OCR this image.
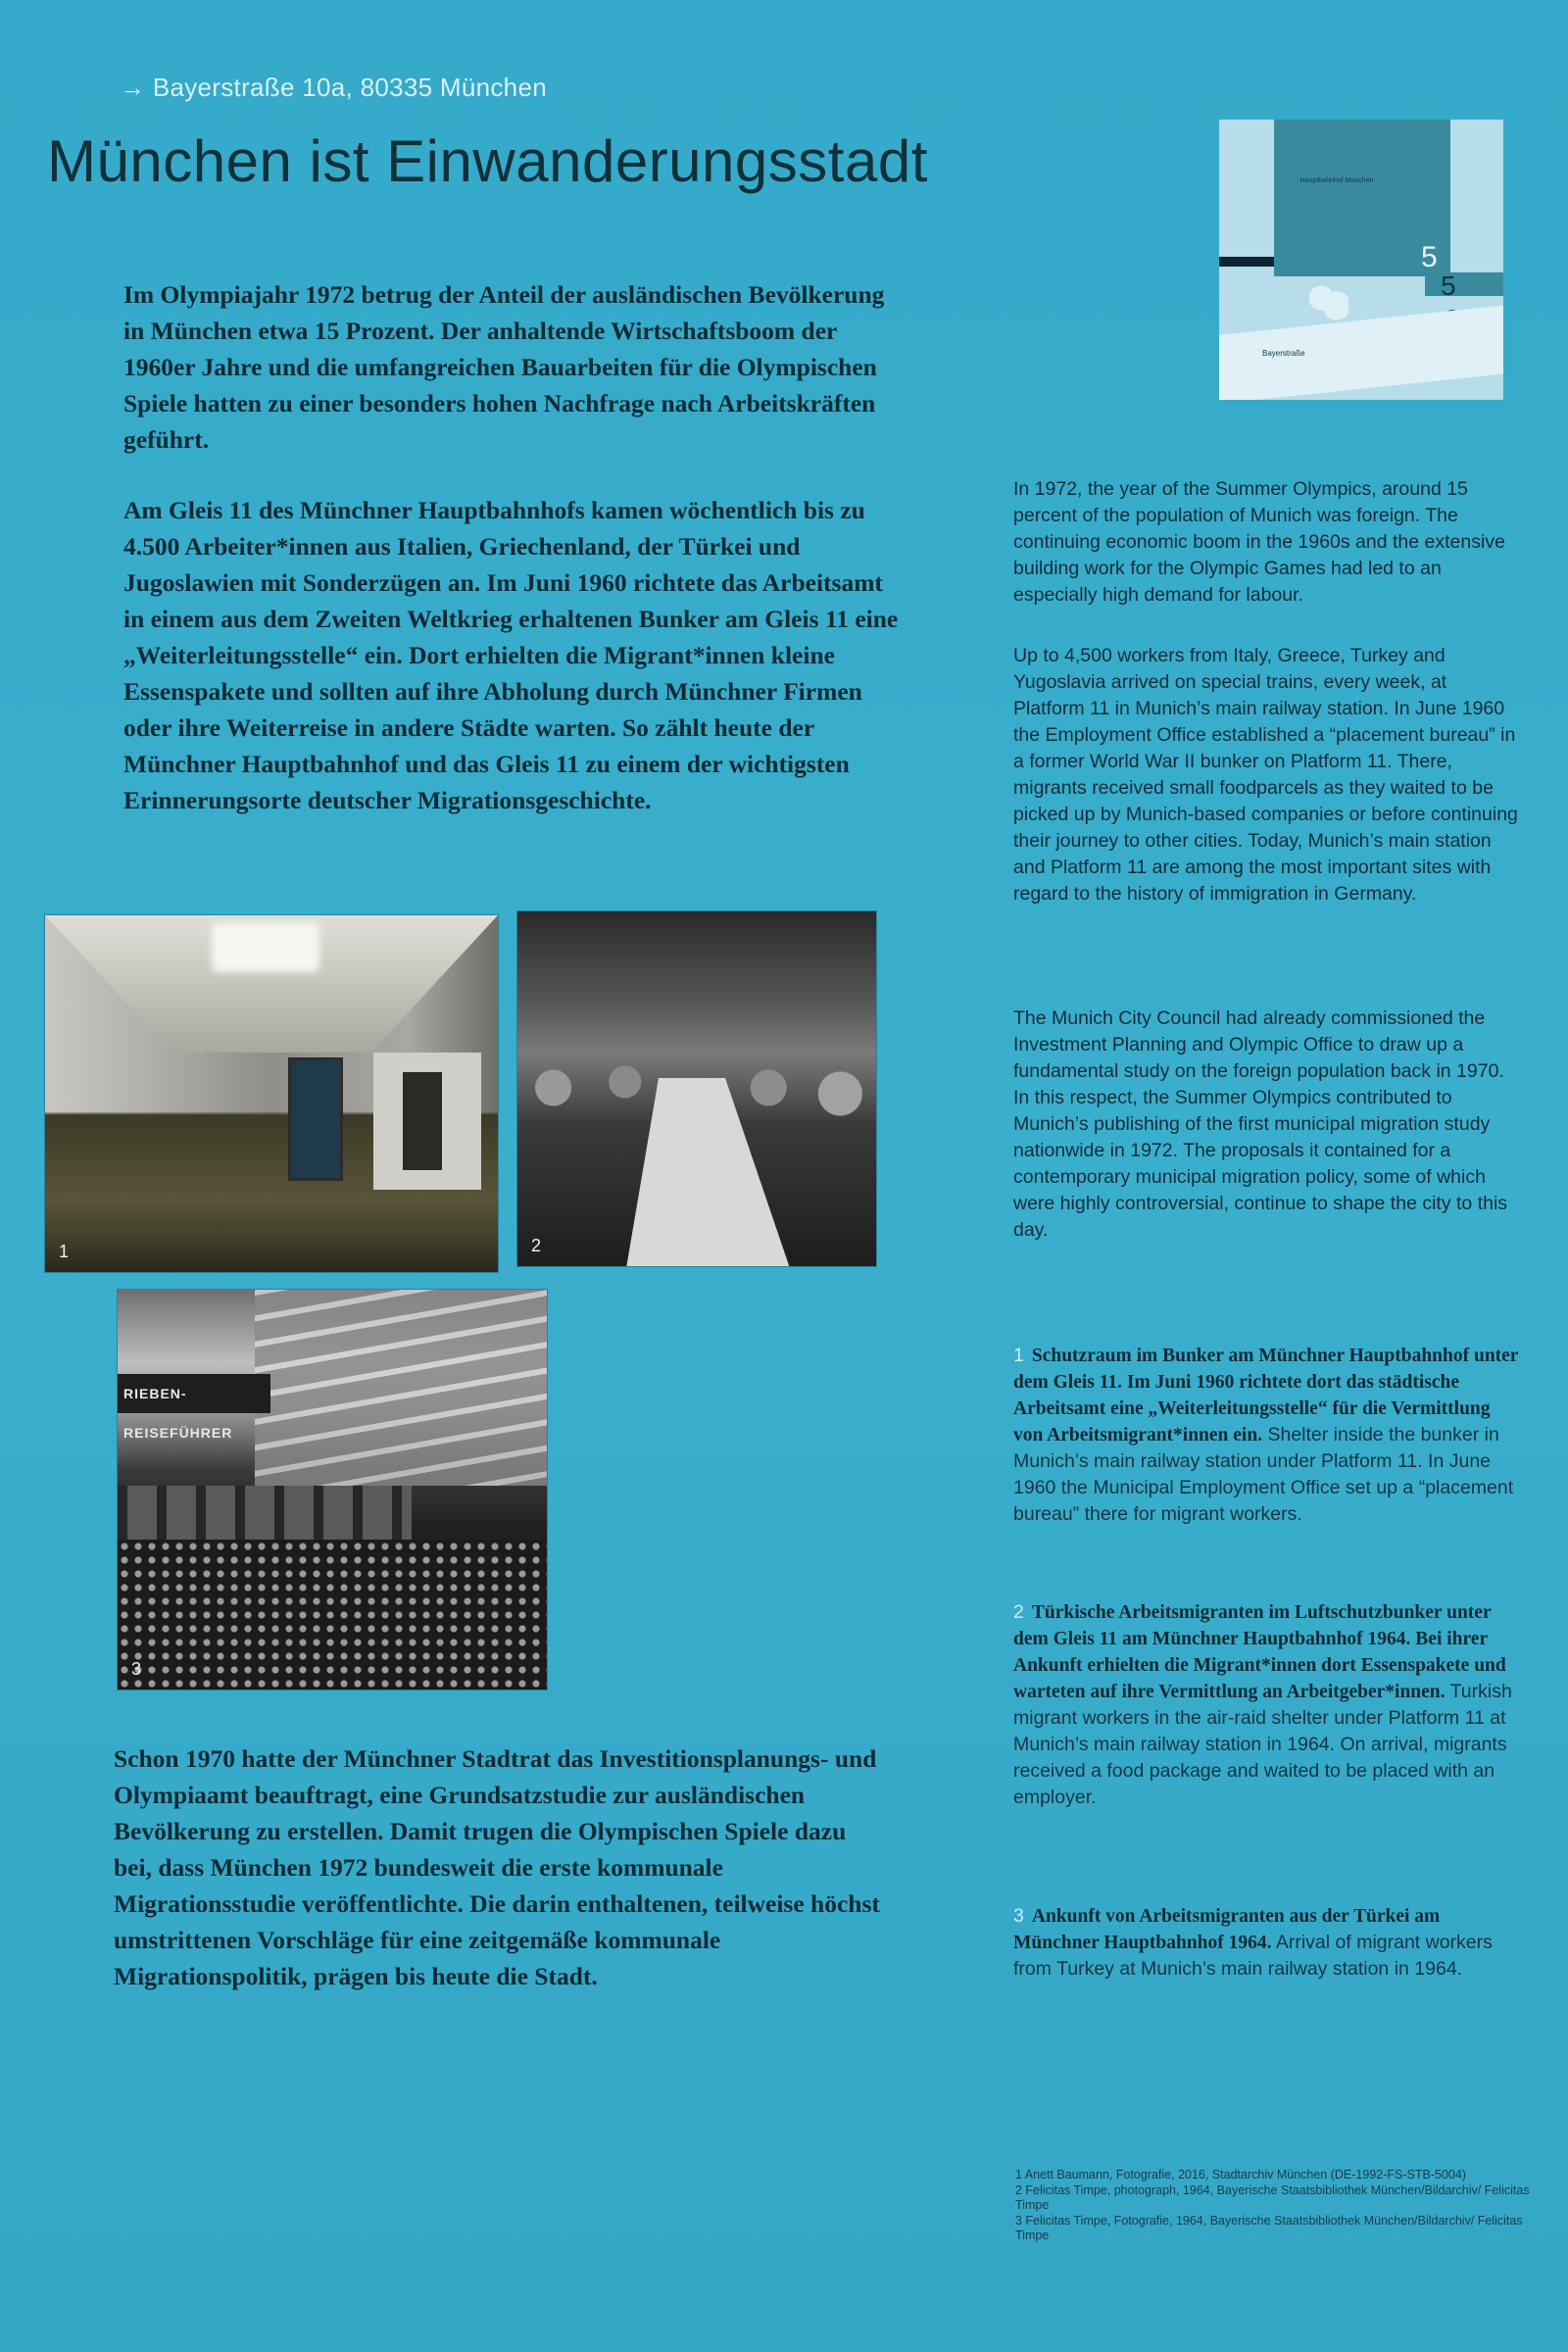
→ Bayerstraße 10a, 80335 München
München ist Einwanderungsstadt	Hauptbahnhof München
5
5
Bayerstraße

Im Olympiajahr 1972 betrug der Anteil der ausländischen Bevölkerung in München etwa 15 Prozent. Der anhaltende Wirtschaftsboom der 1960er Jahre und die umfangreichen Bauarbeiten für die Olympischen Spiele hatten zu einer besonders hohen Nachfrage nach Arbeitskräften geführt.

Am Gleis 11 des Münchner Hauptbahnhofs kamen wöchentlich bis zu 4.500 Arbeiter*innen aus Italien, Griechenland, der Türkei und Jugoslawien mit Sonderzügen an. Im Juni 1960 richtete das Arbeitsamt in einem aus dem Zweiten Weltkrieg erhaltenen Bunker am Gleis 11 eine „Weiterleitungsstelle“ ein. Dort erhielten die Migrant*innen kleine Essenspakete und sollten auf ihre Abholung durch Münchner Firmen oder ihre Weiterreise in andere Städte warten. So zählt heute der Münchner Hauptbahnhof und das Gleis 11 zu einem der wichtigsten Erinnerungsorte deutscher Migrationsgeschichte.

1	2
RIEBEN-REISEFÜHRER
3

Schon 1970 hatte der Münchner Stadtrat das Investitionsplanungs- und Olympiaamt beauftragt, eine Grundsatzstudie zur ausländischen Bevölkerung zu erstellen. Damit trugen die Olympischen Spiele dazu bei, dass München 1972 bundesweit die erste kommunale Migrationsstudie veröffentlichte. Die darin enthaltenen, teilweise höchst umstrittenen Vorschläge für eine zeitgemäße kommunale Migrationspolitik, prägen bis heute die Stadt.

In 1972, the year of the Summer Olympics, around 15 percent of the population of Munich was foreign. The continuing economic boom in the 1960s and the extensive building work for the Olympic Games had led to an especially high demand for labour.

Up to 4,500 workers from Italy, Greece, Turkey and Yugoslavia arrived on special trains, every week, at Platform 11 in Munich’s main railway station. In June 1960 the Employment Office established a “placement bureau” in a former World War II bunker on Platform 11. There, migrants received small foodparcels as they waited to be picked up by Munich-based companies or before continuing their journey to other cities. Today, Munich’s main station and Platform 11 are among the most important sites with regard to the history of immigration in Germany.

The Munich City Council had already commissioned the Investment Planning and Olympic Office to draw up a fundamental study on the foreign population back in 1970. In this respect, the Summer Olympics contributed to Munich’s publishing of the first municipal migration study nationwide in 1972. The proposals it contained for a contemporary municipal migration policy, some of which were highly controversial, continue to shape the city to this day.

1 Schutzraum im Bunker am Münchner Hauptbahnhof unter dem Gleis 11. Im Juni 1960 richtete dort das städtische Arbeitsamt eine „Weiterleitungsstelle“ für die Vermittlung von Arbeitsmigrant*innen ein. Shelter inside the bunker in Munich’s main railway station under Platform 11. In June 1960 the Municipal Employment Office set up a “placement bureau” there for migrant workers.

2 Türkische Arbeitsmigranten im Luftschutzbunker unter dem Gleis 11 am Münchner Hauptbahnhof 1964. Bei ihrer Ankunft erhielten die Migrant*innen dort Essenspakete und warteten auf ihre Vermittlung an Arbeitgeber*innen. Turkish migrant workers in the air-raid shelter under Platform 11 at Munich’s main railway station in 1964. On arrival, migrants received a food package and waited to be placed with an employer.

3 Ankunft von Arbeitsmigranten aus der Türkei am Münchner Hauptbahnhof 1964. Arrival of migrant workers from Turkey at Munich’s main railway station in 1964.

1 Anett Baumann, Fotografie, 2016, Stadtarchiv München (DE-1992-FS-STB-5004)
2 Felicitas Timpe, photograph, 1964, Bayerische Staatsbibliothek München/Bildarchiv/ Felicitas Timpe
3 Felicitas Timpe, Fotografie, 1964, Bayerische Staatsbibliothek München/Bildarchiv/ Felicitas Timpe
